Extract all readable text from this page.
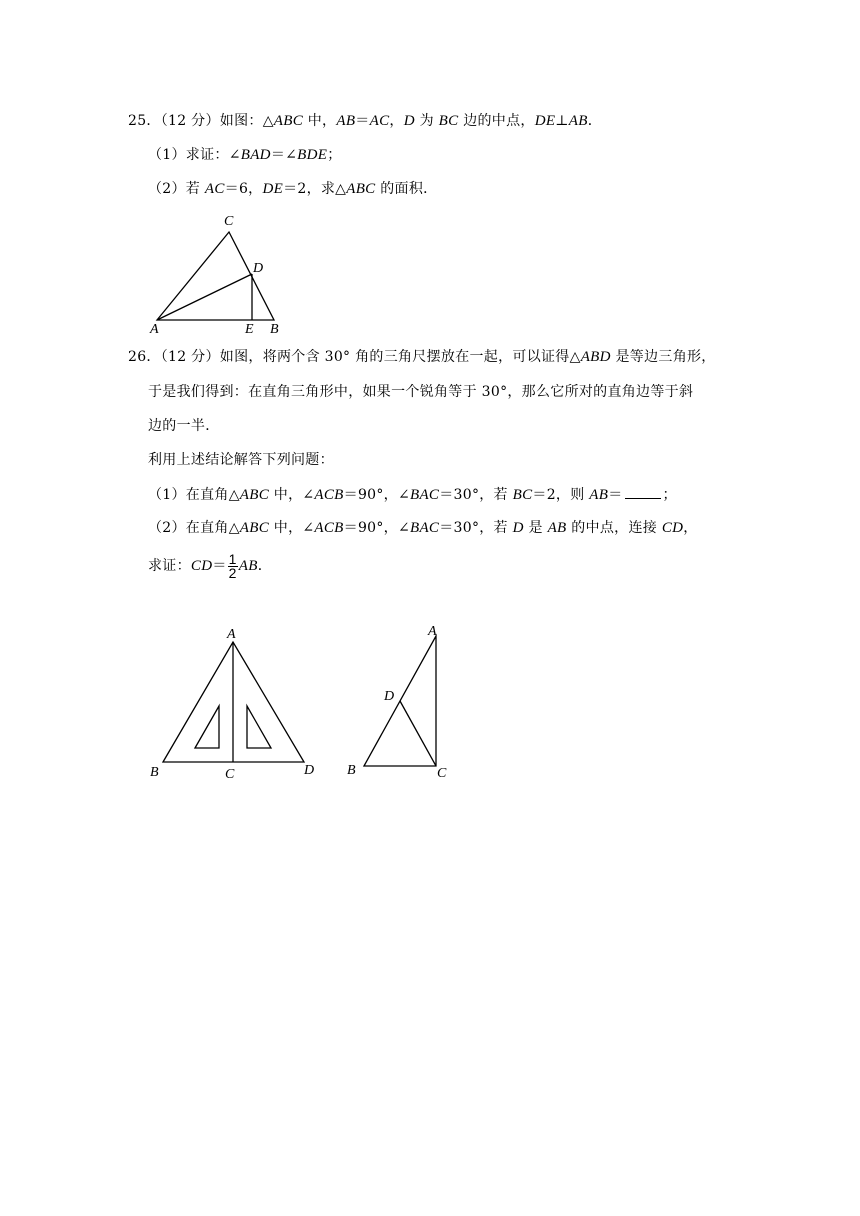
25．（12 分）如图：△ABC 中，AB＝AC，D 为 BC 边的中点，DE⊥AB．
（1）求证：∠BAD＝∠BDE；
（2）若 AC＝6，DE＝2，求△ABC 的面积．
A
C
D
E B
26．（12 分）如图，将两个含 30° 角的三角尺摆放在一起，可以证得△ABD 是等边三角形，
于是我们得到：在直角三角形中，如果一个锐角等于 30°，那么它所对的直角边等于斜
边的一半．
利用上述结论解答下列问题：
（1）在直角△ABC 中，∠ACB＝90°，∠BAC＝30°，若 BC＝2，则 AB＝	；
（2）在直角△ABC 中，∠ACB＝90°，∠BAC＝30°，若 D 是 AB 的中点，连接 CD，
求证：$CD= \frac{1}{2}$ AB．
A
B	C	D
A
D
B	C
